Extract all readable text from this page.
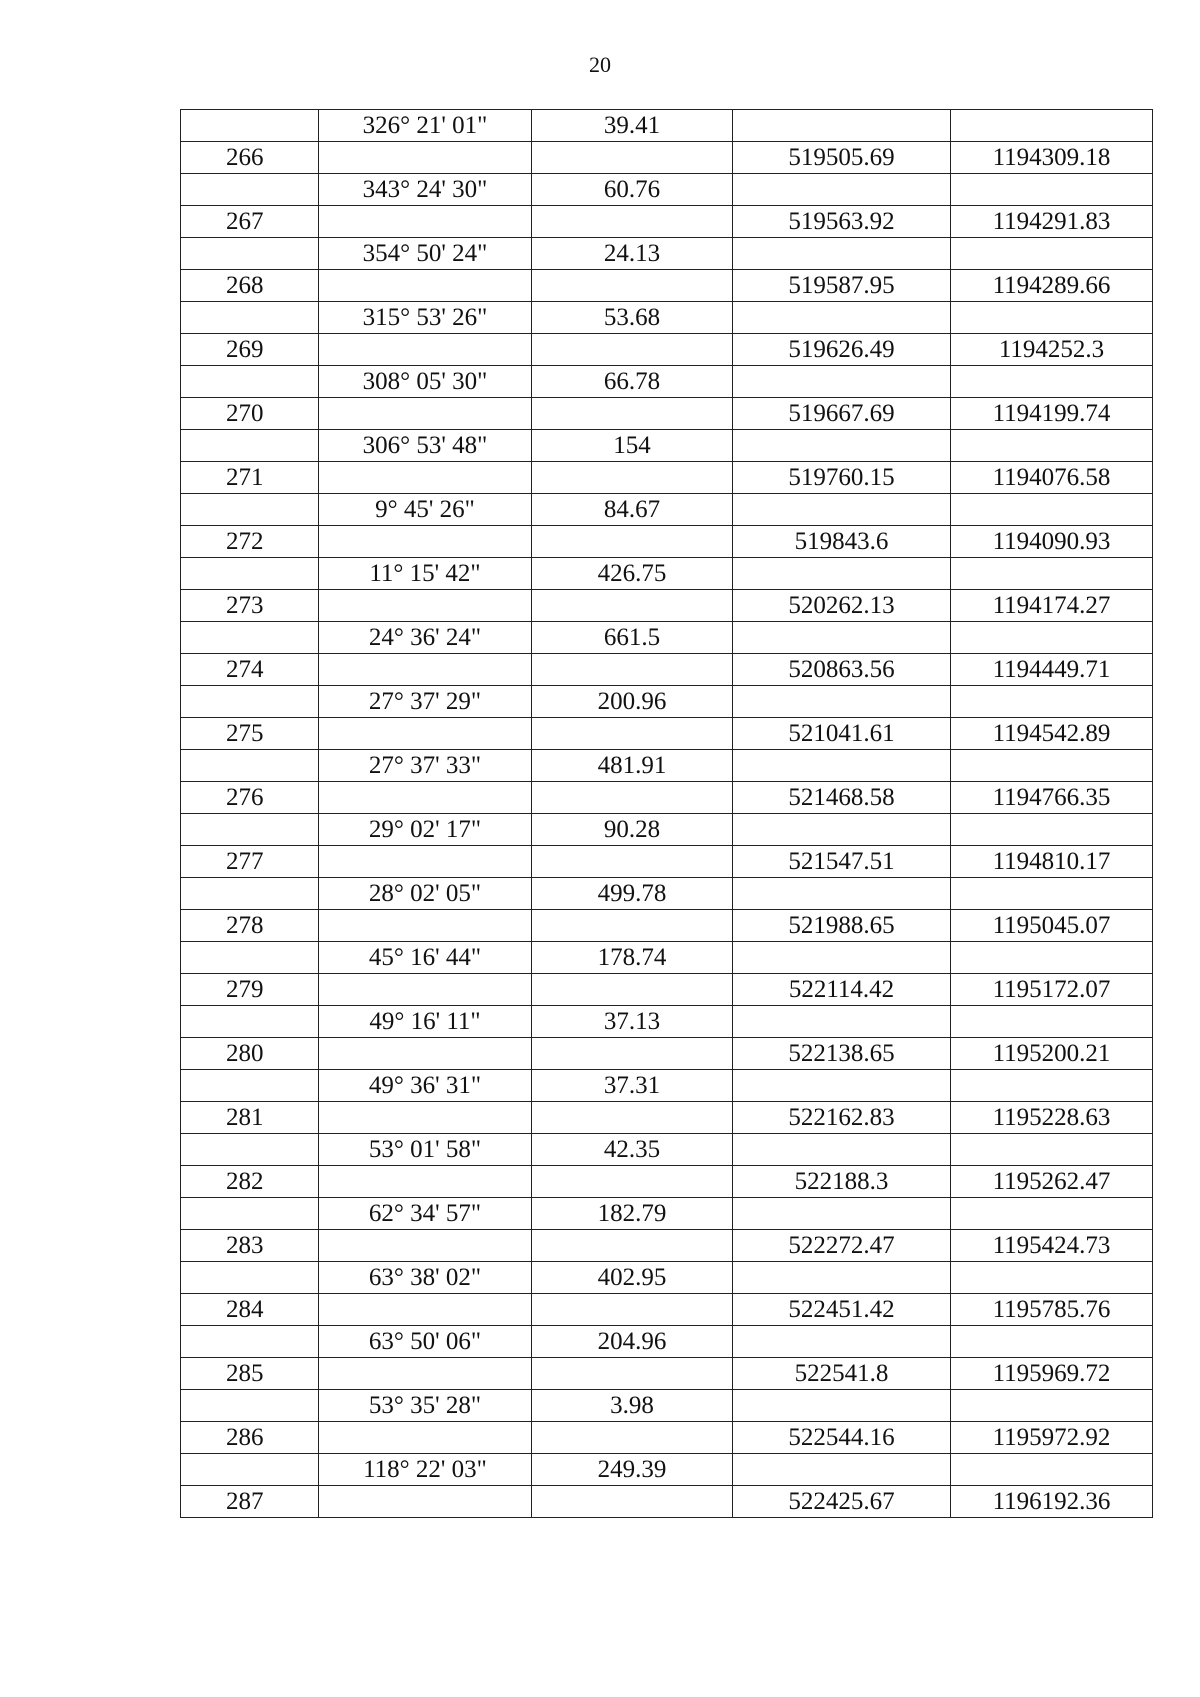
20
	326° 21' 01"	39.41		
266			519505.69	1194309.18
	343° 24' 30"	60.76		
267			519563.92	1194291.83
	354° 50' 24"	24.13		
268			519587.95	1194289.66
	315° 53' 26"	53.68		
269			519626.49	1194252.3
	308° 05' 30"	66.78		
270			519667.69	1194199.74
	306° 53' 48"	154		
271			519760.15	1194076.58
	9° 45' 26"	84.67		
272			519843.6	1194090.93
	11° 15' 42"	426.75		
273			520262.13	1194174.27
	24° 36' 24"	661.5		
274			520863.56	1194449.71
	27° 37' 29"	200.96		
275			521041.61	1194542.89
	27° 37' 33"	481.91		
276			521468.58	1194766.35
	29° 02' 17"	90.28		
277			521547.51	1194810.17
	28° 02' 05"	499.78		
278			521988.65	1195045.07
	45° 16' 44"	178.74		
279			522114.42	1195172.07
	49° 16' 11"	37.13		
280			522138.65	1195200.21
	49° 36' 31"	37.31		
281			522162.83	1195228.63
	53° 01' 58"	42.35		
282			522188.3	1195262.47
	62° 34' 57"	182.79		
283			522272.47	1195424.73
	63° 38' 02"	402.95		
284			522451.42	1195785.76
	63° 50' 06"	204.96		
285			522541.8	1195969.72
	53° 35' 28"	3.98		
286			522544.16	1195972.92
	118° 22' 03"	249.39		
287			522425.67	1196192.36
